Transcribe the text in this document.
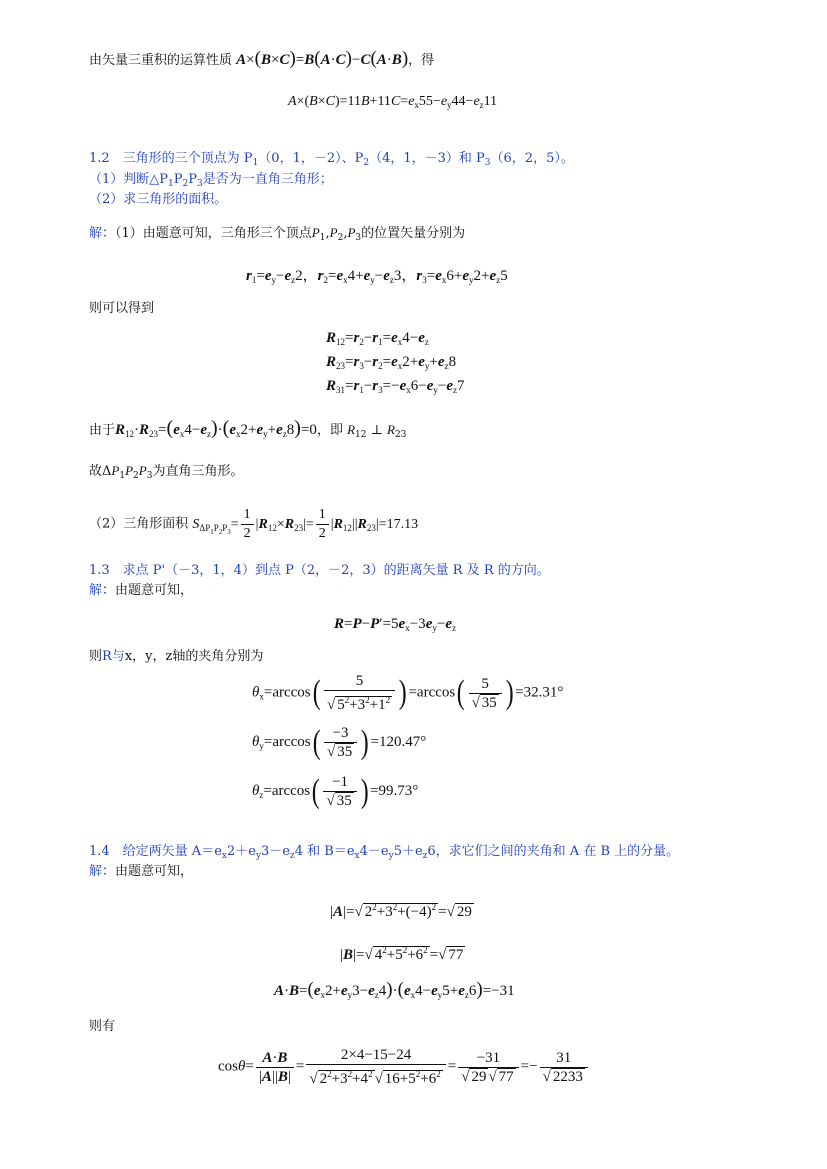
由矢量三重积的运算性质 A×(B×C)=B(A·C)−C(A·B)，得
$A\times(B\times C)=11B+11C=e_x55-e_y44-e_z11$
1.2　三角形的三个顶点为 $P_1(0$，1，－2）、$P_2(4$，1，－3）和 $P_3(6$，2，5）。
（1）判断$\triangle P_1P_2P_3$是否为一直角三角形；
（2）求三角形的面积。
解：（1）由题意可知，三角形三个顶点$P_1,P_2,P_3$的位置矢量分别为
$r_1=e_y-e_z2$，$r_2=e_x4+e_y-e_z3$，$r_3=e_x6+e_y2+e_z5$
则可以得到
$R_{12}=r_2-r_1=e_x4-e_z$
$R_{23}=r_3-r_2=e_x2+e_y+e_z8$
$R_{31}=r_1-r_3=-e_x6-e_y-e_z7$
由于$R_{12}\cdot R_{23}=(e_x4-e_z)\cdot(e_x2+e_y+e_z8)=0$，即 $R_{12}$ ⊥ $R_{23}$
故$\Delta P_1P_2P_3$为直角三角形。
（2）三角形面积 $S_{\Delta P_1P_2P_3}= \frac{1}{2} |R_{12}\times R_{23}|= \frac{1}{2} |R_{12}||R_{23}|=17.13$
1.3　求点 P'（－3，1，4）到点 P（2，－2，3）的距离矢量 R 及 R 的方向。
解：由题意可知，
$R=P-P'=5e_x-3e_y-e_z$
则R与x，y，z轴的夹角分别为
$\theta_x=\arccos( \frac{5}{√ 5^2+3^2+1^2}$ ) $=\arccos( \frac{5}{√ 35}$ ) =32.31°
$\theta_y=\arccos( \frac{-3}{√ 35}$ ) =120.47°
$\theta_z=\arccos( \frac{-1}{√ 35}$ ) =99.73°
1.4　给定两矢量 $A=e_x2+e_y3-e_z4$ 和 $B=e_x4-e_y5+e_z6$，求它们之间的夹角和 A 在 B 上的分量。
解：由题意可知，
|A|=√ $2^2+3^2+(-4)^2$ =√ 29
|B|=√ $4^2+5^2+6^2$ =√ 77
$A\cdot B=(e_x2+e_y3-e_z4)\cdot(e_x4-e_y5+e_z6)=-31$
则有
$\cos\theta= \frac{A\cdot B}{|A||B|} = \frac{2\times 4-15-24}{√ 2^2+3^2+4^2 √ 16+5^2+6^2} = \frac{-31}{√ 29 √ 77} =- \frac{31}{√ 2233}$
